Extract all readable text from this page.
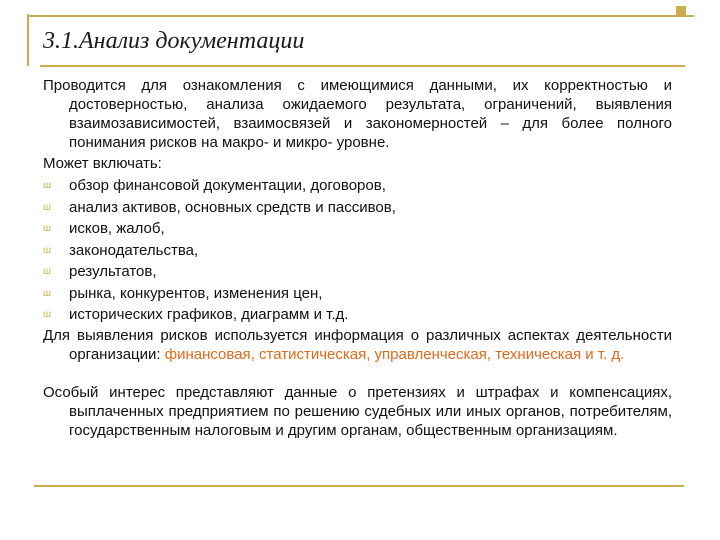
3.1.Анализ документации

Проводится для ознакомления с имеющимися данными, их корректностью и достоверностью, анализа ожидаемого результата, ограничений, выявления взаимозависимостей, взаимосвязей и закономерностей – для более полного понимания рисков на макро- и микро- уровне.

Может включать:

ш обзор финансовой документации, договоров,
ш анализ активов, основных средств и пассивов,
ш исков, жалоб,
ш законодательства,
ш результатов,
ш рынка, конкурентов, изменения цен,
ш исторических графиков, диаграмм и т.д.

Для выявления рисков используется информация о различных аспектах деятельности организации: финансовая, статистическая, управленческая, техническая и т. д.

Особый интерес представляют данные о претензиях и штрафах и компенсациях, выплаченных предприятием по решению судебных или иных органов, потребителям, государственным налоговым и другим органам, общественным организациям.
